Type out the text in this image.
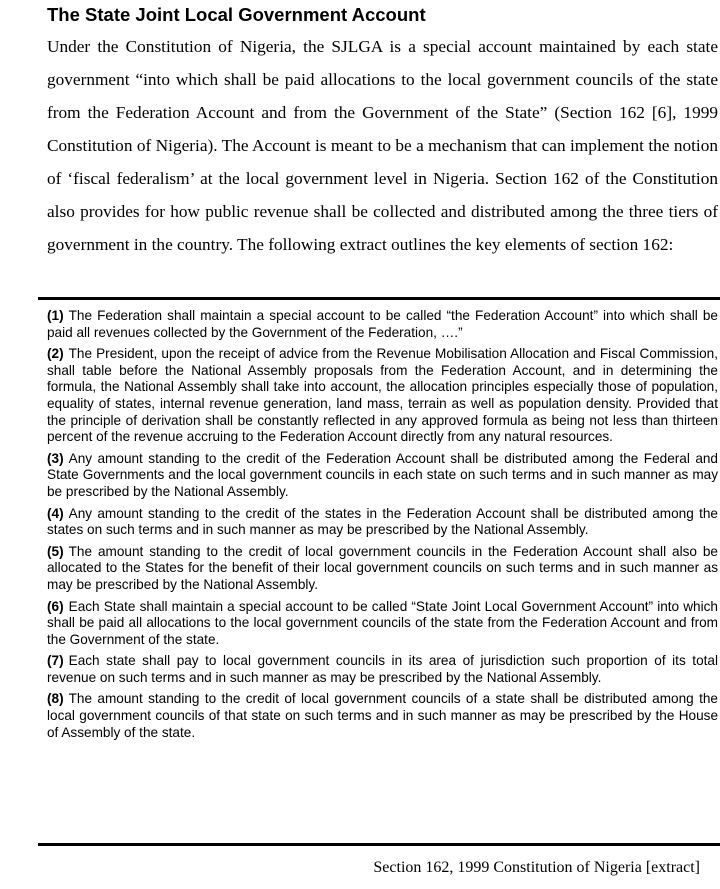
The State Joint Local Government Account

Under the Constitution of Nigeria, the SJLGA is a special account maintained by each state government “into which shall be paid allocations to the local government councils of the state from the Federation Account and from the Government of the State” (Section 162 [6], 1999 Constitution of Nigeria). The Account is meant to be a mechanism that can implement the notion of ‘fiscal federalism’ at the local government level in Nigeria. Section 162 of the Constitution also provides for how public revenue shall be collected and distributed among the three tiers of government in the country. The following extract outlines the key elements of section 162:

(1) The Federation shall maintain a special account to be called “the Federation Account” into which shall be paid all revenues collected by the Government of the Federation, ….”

(2) The President, upon the receipt of advice from the Revenue Mobilisation Allocation and Fiscal Commission, shall table before the National Assembly proposals from the Federation Account, and in determining the formula, the National Assembly shall take into account, the allocation principles especially those of population, equality of states, internal revenue generation, land mass, terrain as well as population density. Provided that the principle of derivation shall be constantly reflected in any approved formula as being not less than thirteen percent of the revenue accruing to the Federation Account directly from any natural resources.

(3) Any amount standing to the credit of the Federation Account shall be distributed among the Federal and State Governments and the local government councils in each state on such terms and in such manner as may be prescribed by the National Assembly.

(4) Any amount standing to the credit of the states in the Federation Account shall be distributed among the states on such terms and in such manner as may be prescribed by the National Assembly.

(5) The amount standing to the credit of local government councils in the Federation Account shall also be allocated to the States for the benefit of their local government councils on such terms and in such manner as may be prescribed by the National Assembly.

(6) Each State shall maintain a special account to be called “State Joint Local Government Account” into which shall be paid all allocations to the local government councils of the state from the Federation Account and from the Government of the state.

(7) Each state shall pay to local government councils in its area of jurisdiction such proportion of its total revenue on such terms and in such manner as may be prescribed by the National Assembly.

(8) The amount standing to the credit of local government councils of a state shall be distributed among the local government councils of that state on such terms and in such manner as may be prescribed by the House of Assembly of the state.

Section 162, 1999 Constitution of Nigeria [extract]
